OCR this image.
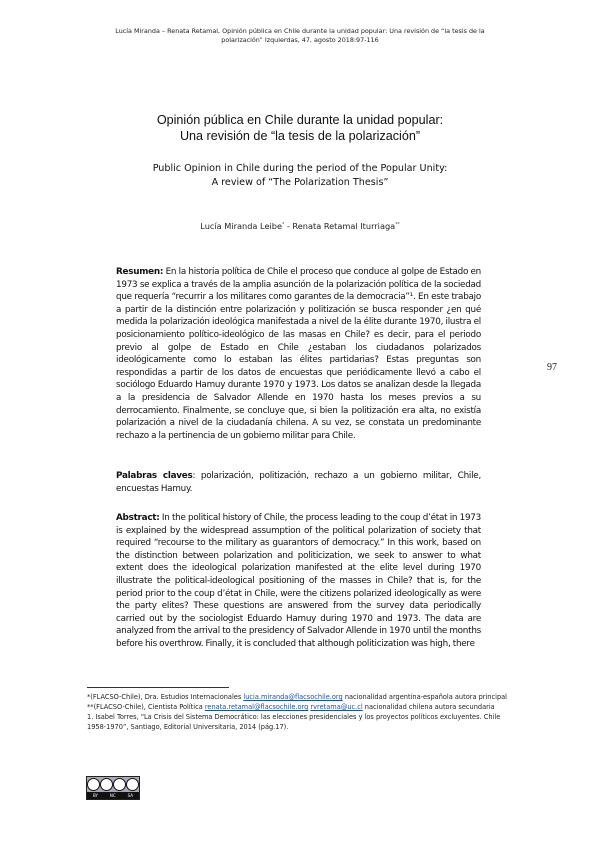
Lucía Miranda – Renata Retamal, Opinión pública en Chile durante la unidad popular: Una revisión de “la tesis de la
polarización” Izquierdas, 47, agosto 2018:97-116
97
Opinión pública en Chile durante la unidad popular:
Una revisión de “la tesis de la polarización”
Public Opinion in Chile during the period of the Popular Unity:
A review of “The Polarization Thesis”
Lucía Miranda Leibe* - Renata Retamal Iturriaga**
Resumen: En la historia política de Chile el proceso que conduce al golpe de Estado en 1973 se explica a través de la amplia asunción de la polarización política de la sociedad que requería “recurrir a los militares como garantes de la democracia”¹. En este trabajo a partir de la distinción entre polarización y politización se busca responder ¿en qué medida la polarización ideológica manifestada a nivel de la élite durante 1970, ilustra el posicionamiento político-ideológico de las masas en Chile? es decir, para el periodo previo al golpe de Estado en Chile ¿estaban los ciudadanos polarizados ideológicamente como lo estaban las élites partidarias? Estas preguntas son respondidas a partir de los datos de encuestas que periódicamente llevó a cabo el sociólogo Eduardo Hamuy durante 1970 y 1973. Los datos se analizan desde la llegada a la presidencia de Salvador Allende en 1970 hasta los meses previos a su derrocamiento. Finalmente, se concluye que, si bien la politización era alta, no existía polarización a nivel de la ciudadanía chilena. A su vez, se constata un predominante rechazo a la pertinencia de un gobierno militar para Chile.
Palabras claves: polarización, politización, rechazo a un gobierno militar, Chile, encuestas Hamuy.
Abstract: In the political history of Chile, the process leading to the coup d’état in 1973 is explained by the widespread assumption of the political polarization of society that required “recourse to the military as guarantors of democracy.” In this work, based on the distinction between polarization and politicization, we seek to answer to what extent does the ideological polarization manifested at the elite level during 1970 illustrate the political-ideological positioning of the masses in Chile? that is, for the period prior to the coup d’état in Chile, were the citizens polarized ideologically as were the party elites? These questions are answered from the survey data periodically carried out by the sociologist Eduardo Hamuy during 1970 and 1973. The data are analyzed from the arrival to the presidency of Salvador Allende in 1970 until the months before his overthrow. Finally, it is concluded that although politicization was high, there
*(FLACSO-Chile), Dra. Estudios Internacionales lucia.miranda@flacsochile.org nacionalidad argentina-española autora principal
**(FLACSO-Chile), Cientista Política renata.retamal@flacsochile.org rvretama@uc.cl nacionalidad chilena autora secundaria
1. Isabel Torres, “La Crisis del Sistema Democrático: las elecciones presidenciales y los proyectos políticos excluyentes. Chile 1958-1970”, Santiago, Editorial Universitaria, 2014 (pág.17).
BY	NC	SA
